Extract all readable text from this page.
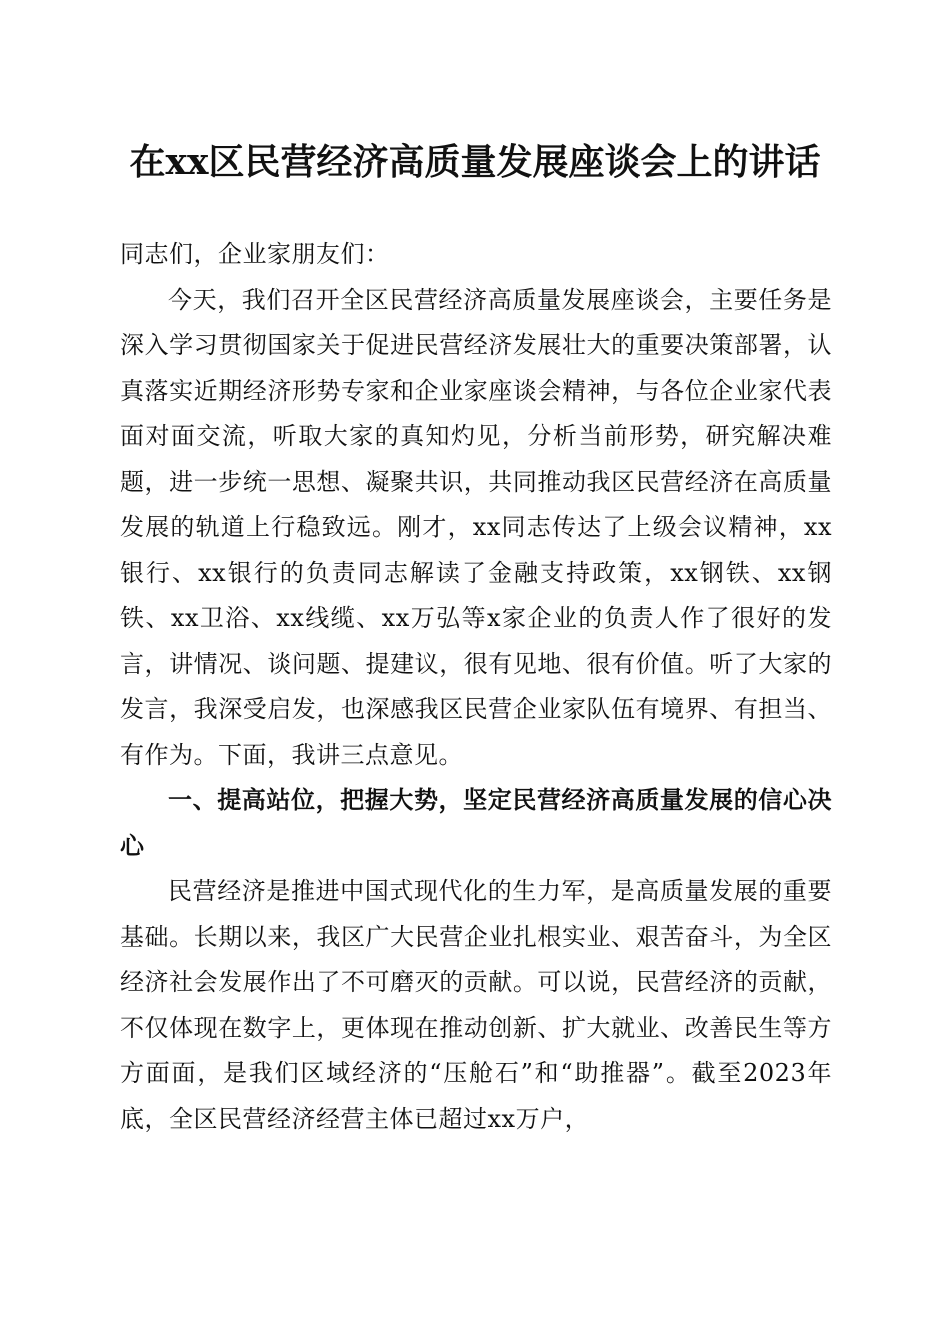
在xx区民营经济高质量发展座谈会上的讲话

同志们，企业家朋友们：

今天，我们召开全区民营经济高质量发展座谈会，主要任务是深入学习贯彻国家关于促进民营经济发展壮大的重要决策部署，认真落实近期经济形势专家和企业家座谈会精神，与各位企业家代表面对面交流，听取大家的真知灼见，分析当前形势，研究解决难题，进一步统一思想、凝聚共识，共同推动我区民营经济在高质量发展的轨道上行稳致远。刚才，xx同志传达了上级会议精神，xx银行、xx银行的负责同志解读了金融支持政策，xx钢铁、xx钢铁、xx卫浴、xx线缆、xx万弘等x家企业的负责人作了很好的发言，讲情况、谈问题、提建议，很有见地、很有价值。听了大家的发言，我深受启发，也深感我区民营企业家队伍有境界、有担当、有作为。下面，我讲三点意见。

一、提高站位，把握大势，坚定民营经济高质量发展的信心决心

民营经济是推进中国式现代化的生力军，是高质量发展的重要基础。长期以来，我区广大民营企业扎根实业、艰苦奋斗，为全区经济社会发展作出了不可磨灭的贡献。可以说，民营经济的贡献，不仅体现在数字上，更体现在推动创新、扩大就业、改善民生等方方面面，是我们区域经济的“压舱石”和“助推器”。截至2023年底，全区民营经济经营主体已超过xx万户，
